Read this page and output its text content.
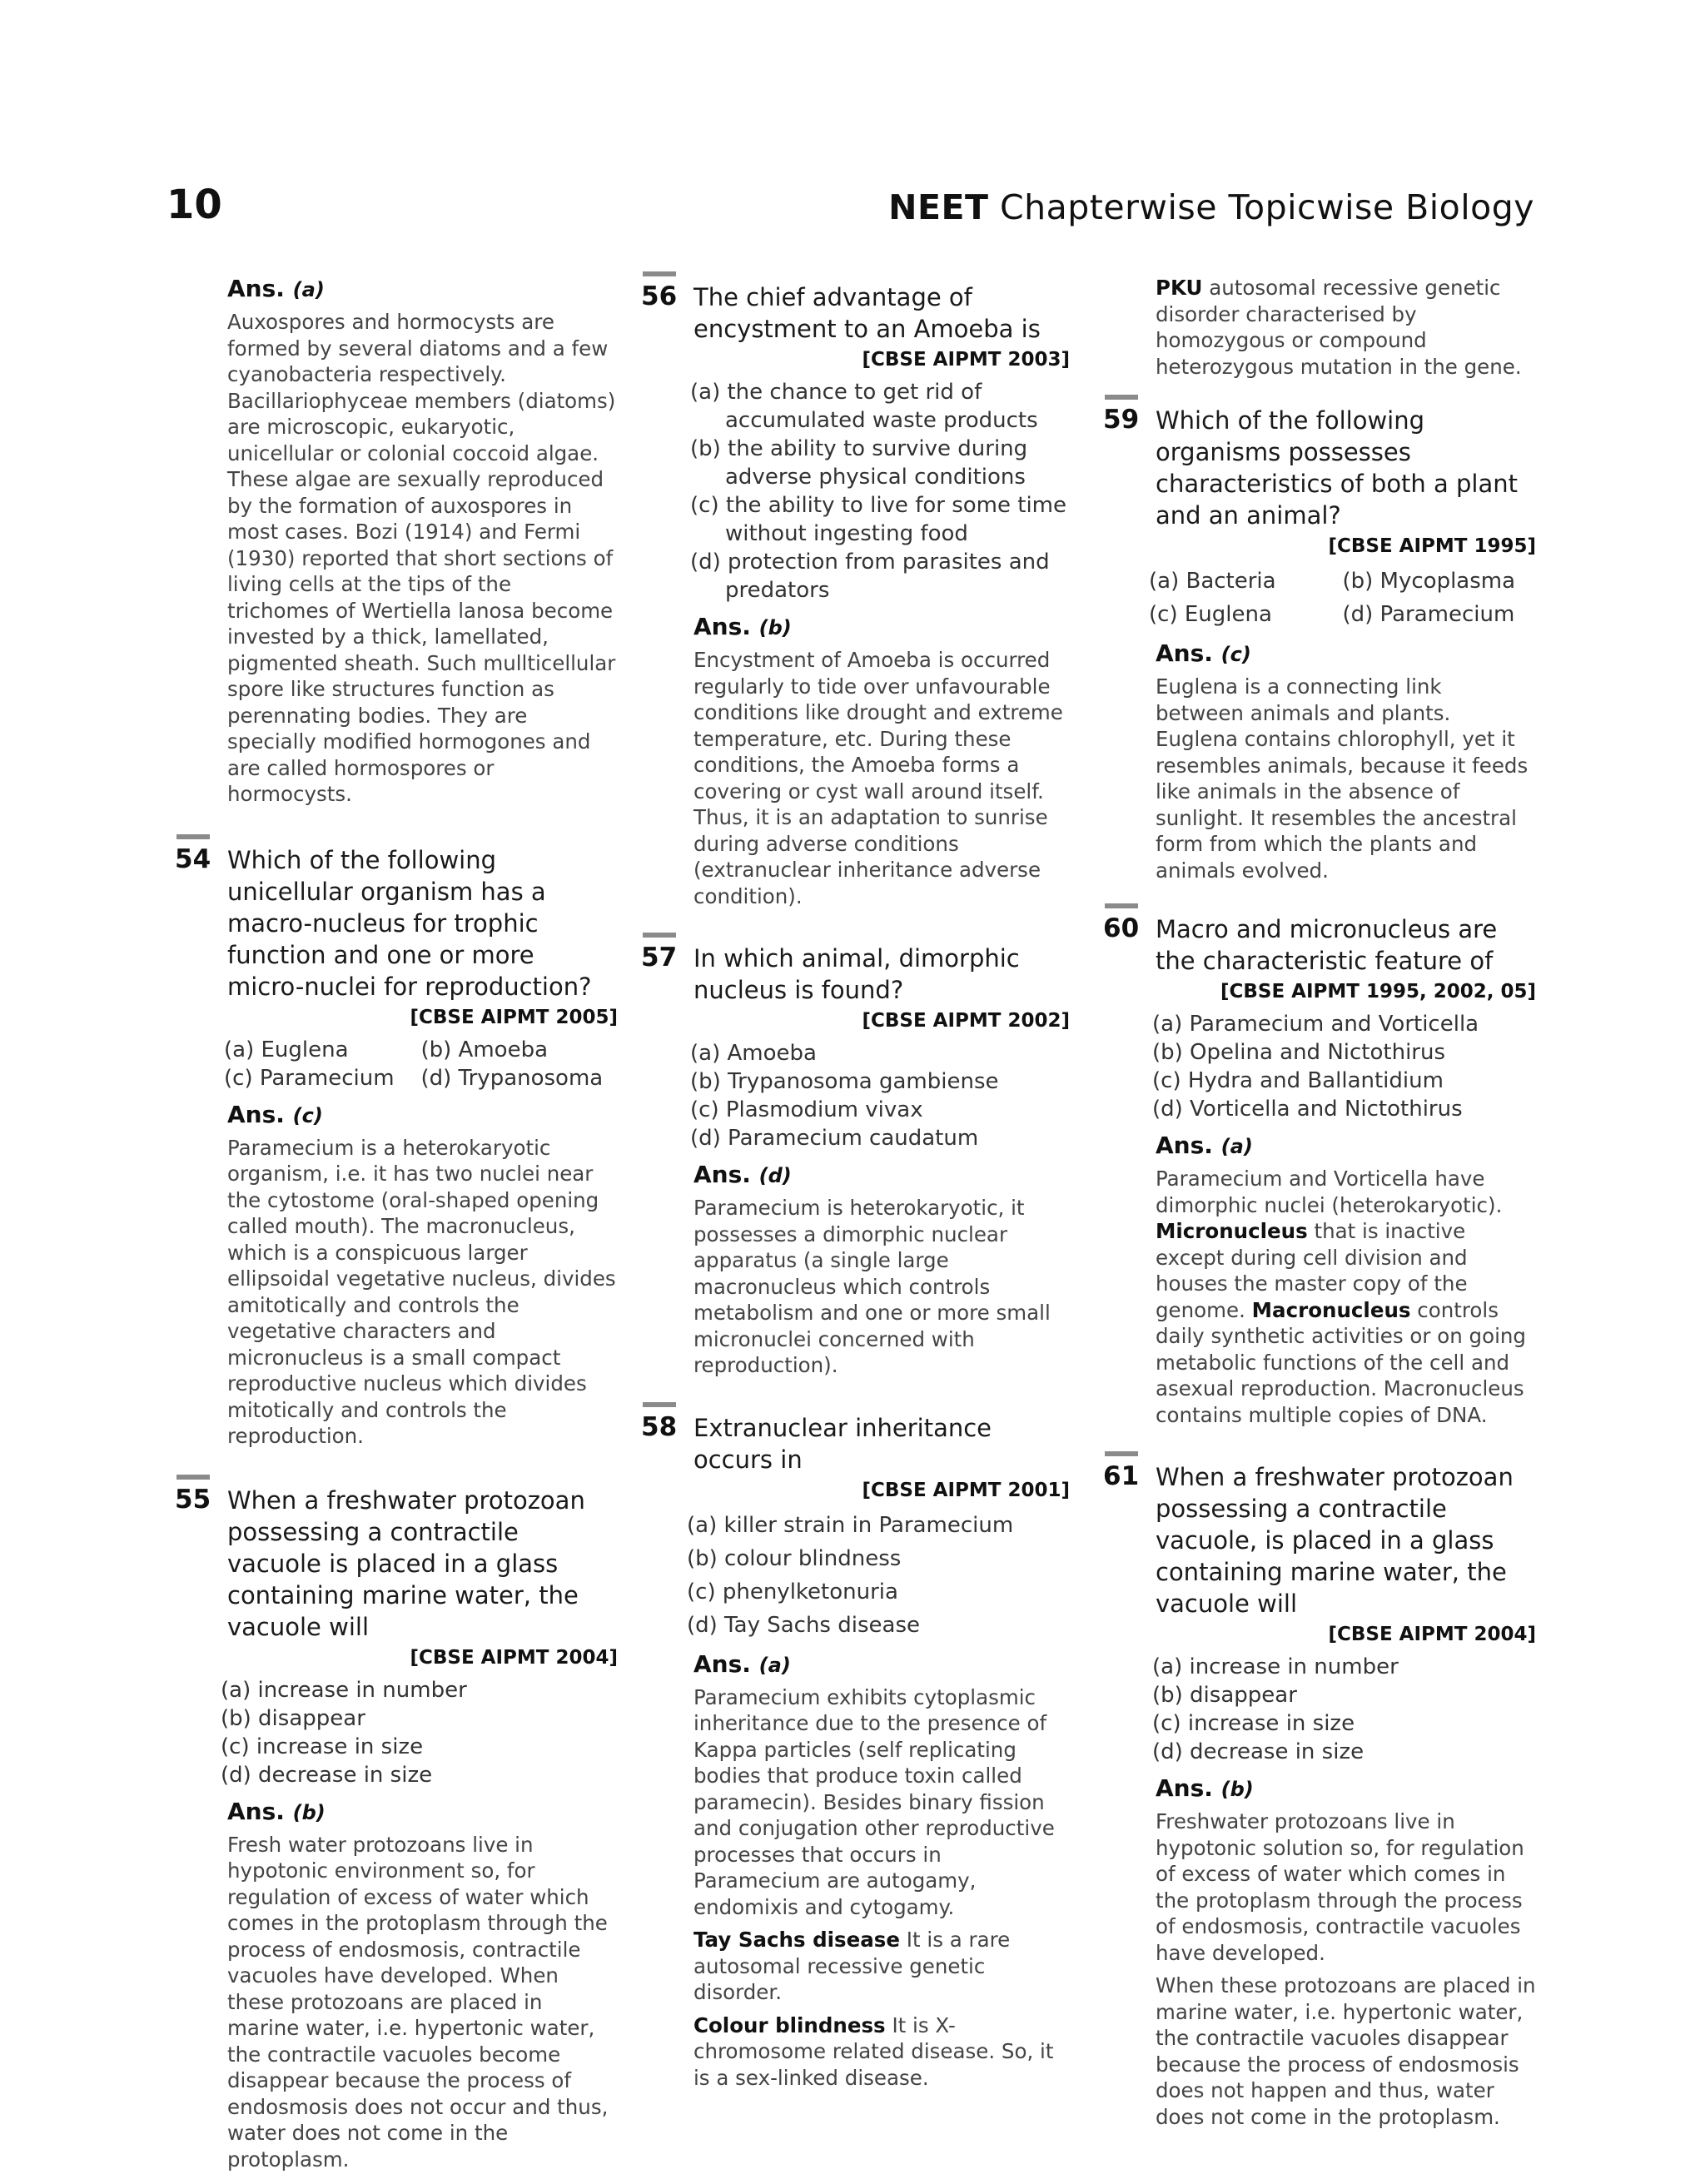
10	NEET Chapterwise Topicwise Biology
Ans. (a)
Auxospores and hormocysts are formed by several diatoms and a few cyanobacteria respectively. Bacillariophyceae members (diatoms) are microscopic, eukaryotic, unicellular or colonial coccoid algae. These algae are sexually reproduced by the formation of auxospores in most cases. Bozi (1914) and Fermi (1930) reported that short sections of living cells at the tips of the trichomes of Wertiella lanosa become invested by a thick, lamellated, pigmented sheath. Such mullticellular spore like structures function as perennating bodies. They are specially modified hormogones and are called hormospores or hormocysts.
54 Which of the following unicellular organism has a macro-nucleus for trophic function and one or more micro-nuclei for reproduction?
[CBSE AIPMT 2005]
(a) Euglena	(b) Amoeba
(c) Paramecium	(d) Trypanosoma
Ans. (c)
Paramecium is a heterokaryotic organism, i.e. it has two nuclei near the cytostome (oral-shaped opening called mouth). The macronucleus, which is a conspicuous larger ellipsoidal vegetative nucleus, divides amitotically and controls the vegetative characters and micronucleus is a small compact reproductive nucleus which divides mitotically and controls the reproduction.
55 When a freshwater protozoan possessing a contractile vacuole is placed in a glass containing marine water, the vacuole will
[CBSE AIPMT 2004]
(a) increase in number
(b) disappear
(c) increase in size
(d) decrease in size
Ans. (b)
Fresh water protozoans live in hypotonic environment so, for regulation of excess of water which comes in the protoplasm through the process of endosmosis, contractile vacuoles have developed. When these protozoans are placed in marine water, i.e. hypertonic water, the contractile vacuoles become disappear because the process of endosmosis does not occur and thus, water does not come in the protoplasm.
56 The chief advantage of encystment to an Amoeba is
[CBSE AIPMT 2003]
(a) the chance to get rid of accumulated waste products
(b) the ability to survive during adverse physical conditions
(c) the ability to live for some time without ingesting food
(d) protection from parasites and predators
Ans. (b)
Encystment of Amoeba is occurred regularly to tide over unfavourable conditions like drought and extreme temperature, etc. During these conditions, the Amoeba forms a covering or cyst wall around itself. Thus, it is an adaptation to sunrise during adverse conditions (extranuclear inheritance adverse condition).
57 In which animal, dimorphic nucleus is found?
[CBSE AIPMT 2002]
(a) Amoeba
(b) Trypanosoma gambiense
(c) Plasmodium vivax
(d) Paramecium caudatum
Ans. (d)
Paramecium is heterokaryotic, it possesses a dimorphic nuclear apparatus (a single large macronucleus which controls metabolism and one or more small micronuclei concerned with reproduction).
58 Extranuclear inheritance occurs in
[CBSE AIPMT 2001]
(a) killer strain in Paramecium
(b) colour blindness
(c) phenylketonuria
(d) Tay Sachs disease
Ans. (a)

Paramecium exhibits cytoplasmic inheritance due to the presence of Kappa particles (self replicating bodies that produce toxin called paramecin). Besides binary fission and conjugation other reproductive processes that occurs in Paramecium are autogamy, endomixis and cytogamy.

Tay Sachs disease It is a rare autosomal recessive genetic disorder.

Colour blindness It is X-chromosome related disease. So, it is a sex-linked disease.

PKU autosomal recessive genetic disorder characterised by homozygous or compound heterozygous mutation in the gene.
59 Which of the following organisms possesses characteristics of both a plant and an animal?
[CBSE AIPMT 1995]
(a) Bacteria	(b) Mycoplasma
(c) Euglena	(d) Paramecium
Ans. (c)
Euglena is a connecting link between animals and plants. Euglena contains chlorophyll, yet it resembles animals, because it feeds like animals in the absence of sunlight. It resembles the ancestral form from which the plants and animals evolved.
60 Macro and micronucleus are the characteristic feature of
[CBSE AIPMT 1995, 2002, 05]
(a) Paramecium and Vorticella
(b) Opelina and Nictothirus
(c) Hydra and Ballantidium
(d) Vorticella and Nictothirus
Ans. (a)
Paramecium and Vorticella have dimorphic nuclei (heterokaryotic). Micronucleus that is inactive except during cell division and houses the master copy of the genome. Macronucleus controls daily synthetic activities or on going metabolic functions of the cell and asexual reproduction. Macronucleus contains multiple copies of DNA.
61 When a freshwater protozoan possessing a contractile vacuole, is placed in a glass containing marine water, the vacuole will
[CBSE AIPMT 2004]
(a) increase in number
(b) disappear
(c) increase in size
(d) decrease in size
Ans. (b)

Freshwater protozoans live in hypotonic solution so, for regulation of excess of water which comes in the protoplasm through the process of endosmosis, contractile vacuoles have developed.

When these protozoans are placed in marine water, i.e. hypertonic water, the contractile vacuoles disappear because the process of endosmosis does not happen and thus, water does not come in the protoplasm.
